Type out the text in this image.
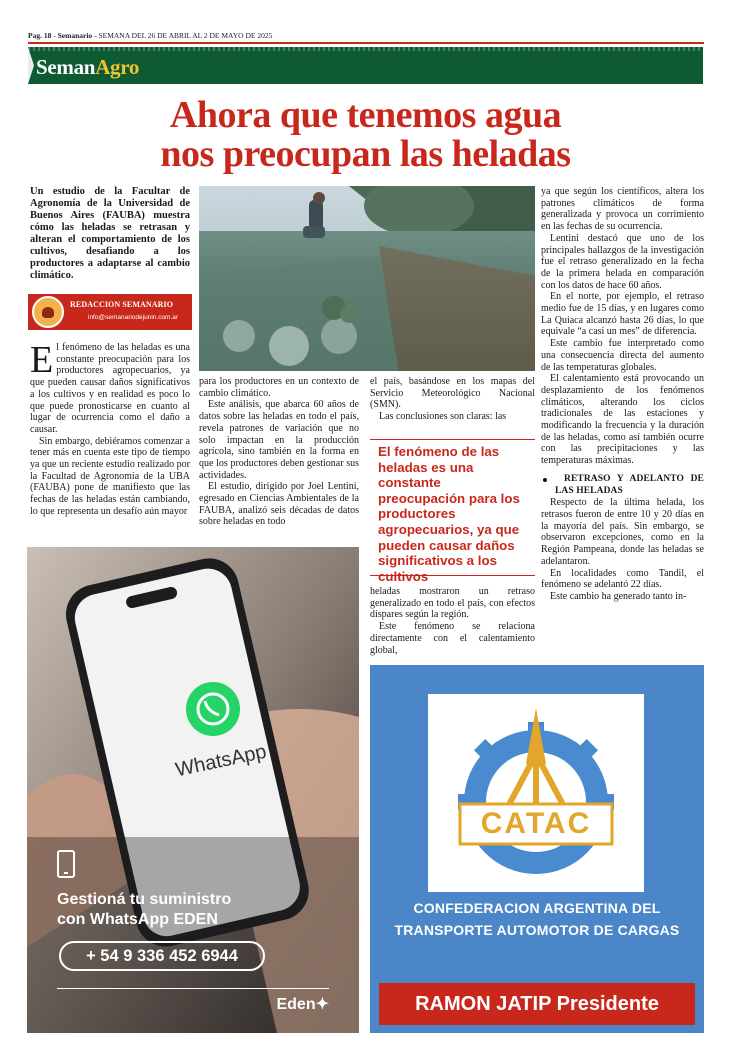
Pag. 18 - Semanario - SEMANA DEL 26 DE ABRIL AL 2 DE MAYO DE 2025
SemanAgro
Ahora que tenemos agua
nos preocupan las heladas
Un estudio de la Facultar de Agronomía de la Universidad de Buenos Aires (FAUBA) muestra cómo las heladas se retrasan y alteran el comportamiento de los cultivos, desafiando a los productores a adaptarse al cambio climático.
REDACCION SEMANARIO
info@semanariodejunin.com.ar

El fenómeno de las heladas es una constante preocupación para los productores agropecuarios, ya que pueden causar daños significativos a los cultivos y en realidad es poco lo que puede pronosticarse en cuanto al lugar de ocurrencia como el daño a causar.

Sin embargo, debiéramos comenzar a tener más en cuenta este tipo de tiempo ya que un reciente estudio realizado por la Facultad de Agronomía de la UBA (FAUBA) pone de manifiesto que las fechas de las heladas están cambiando, lo que representa un desafío aún mayor

para los productores en un contexto de cambio climático.

Este análisis, que abarca 60 años de datos sobre las heladas en todo el país, revela patrones de variación que no solo impactan en la producción agrícola, sino también en la forma en que los productores deben gestionar sus actividades.

El estudio, dirigido por Joel Lentini, egresado en Ciencias Ambientales de la FAUBA, analizó seis décadas de datos sobre heladas en todo

el país, basándose en los mapas del Servicio Meteorológico Nacional (SMN).

Las conclusiones son claras: las

El fenómeno de las heladas es una constante preocupación para los productores agropecuarios, ya que pueden causar daños significativos a los cultivos

heladas mostraron un retraso generalizado en todo el país, con efectos dispares según la región.

Este fenómeno se relaciona directamente con el calentamiento global,

ya que según los científicos, altera los patrones climáticos de forma generalizada y provoca un corrimiento en las fechas de su ocurrencia.

Lentini destacó que uno de los principales hallazgos de la investigación fue el retraso generalizado en la fecha de la primera helada en comparación con los datos de hace 60 años.

En el norte, por ejemplo, el retraso medio fue de 15 días, y en lugares como La Quiaca alcanzó hasta 26 días, lo que equivale “a casi un mes” de diferencia.

Este cambio fue interpretado como una consecuencia directa del aumento de las temperaturas globales.

El calentamiento está provocando un desplazamiento de los fenómenos climáticos, alterando los ciclos tradicionales de las estaciones y modificando la frecuencia y la duración de las heladas, como así también ocurre con las precipitaciones y las temperaturas máximas.

RETRASO Y ADELANTO DE LAS HELADAS

Respecto de la última helada, los retrasos fueron de entre 10 y 20 días en la mayoría del país. Sin embargo, se observaron excepciones, como en la Región Pampeana, donde las heladas se adelantaron.

En localidades como Tandil, el fenómeno se adelantó 22 días.

Este cambio ha generado tanto in-

WhatsApp
Gestioná tu suministro
con WhatsApp EDEN
+ 54 9 336 452 6944
Eden✦
CATAC
CONFEDERACION ARGENTINA DEL
TRANSPORTE AUTOMOTOR DE CARGAS
RAMON JATIP Presidente
